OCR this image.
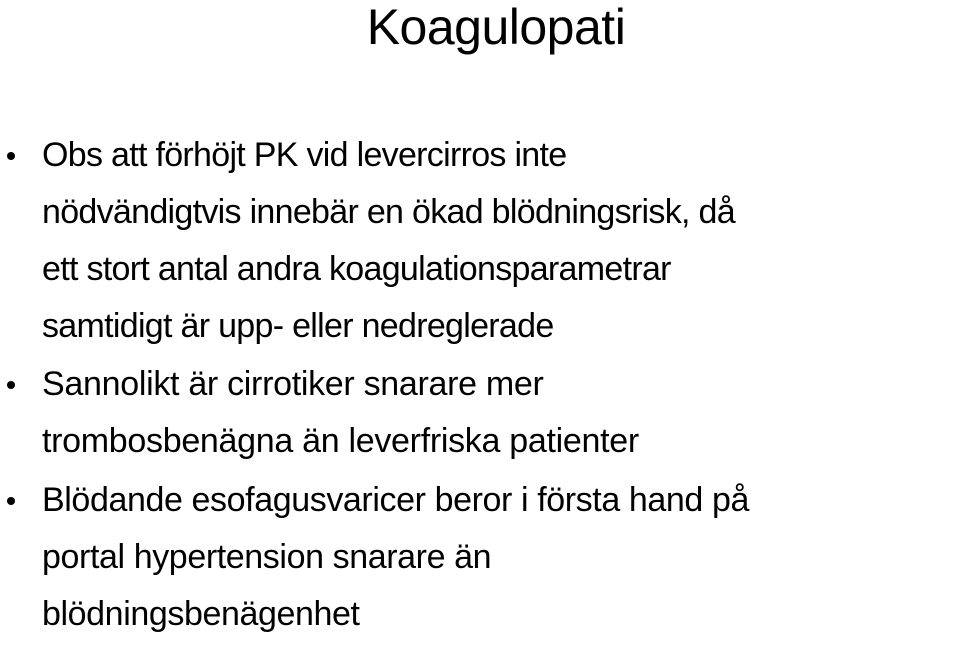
Koagulopati
Obs att förhöjt PK vid levercirros inte
nödvändigtvis innebär en ökad blödningsrisk, då
ett stort antal andra koagulationsparametrar
samtidigt är upp- eller nedreglerade
Sannolikt är cirrotiker snarare mer
trombosbenägna än leverfriska patienter
Blödande esofagusvaricer beror i första hand på
portal hypertension snarare än
blödningsbenägenhet
